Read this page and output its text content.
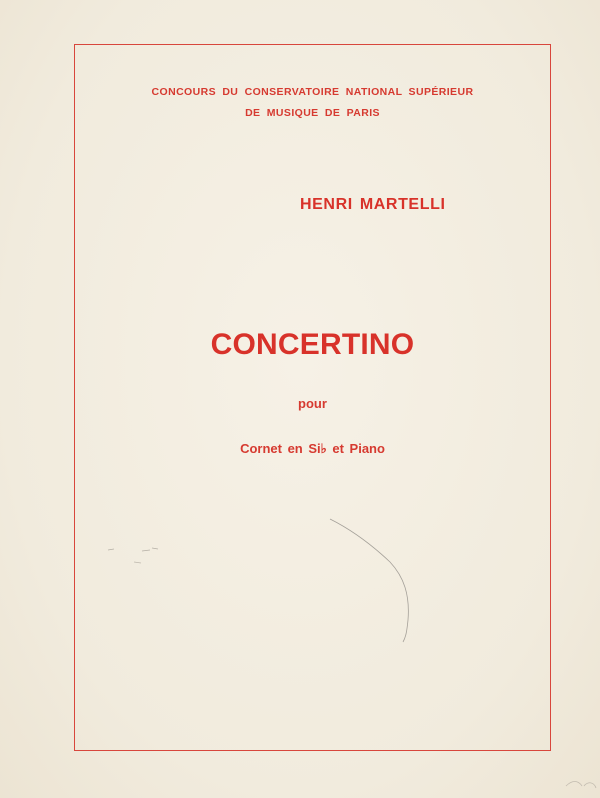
CONCOURS DU CONSERVATOIRE NATIONAL SUPÉRIEUR
DE MUSIQUE DE PARIS
HENRI MARTELLI
CONCERTINO
pour
Cornet en Si♭ et Piano
